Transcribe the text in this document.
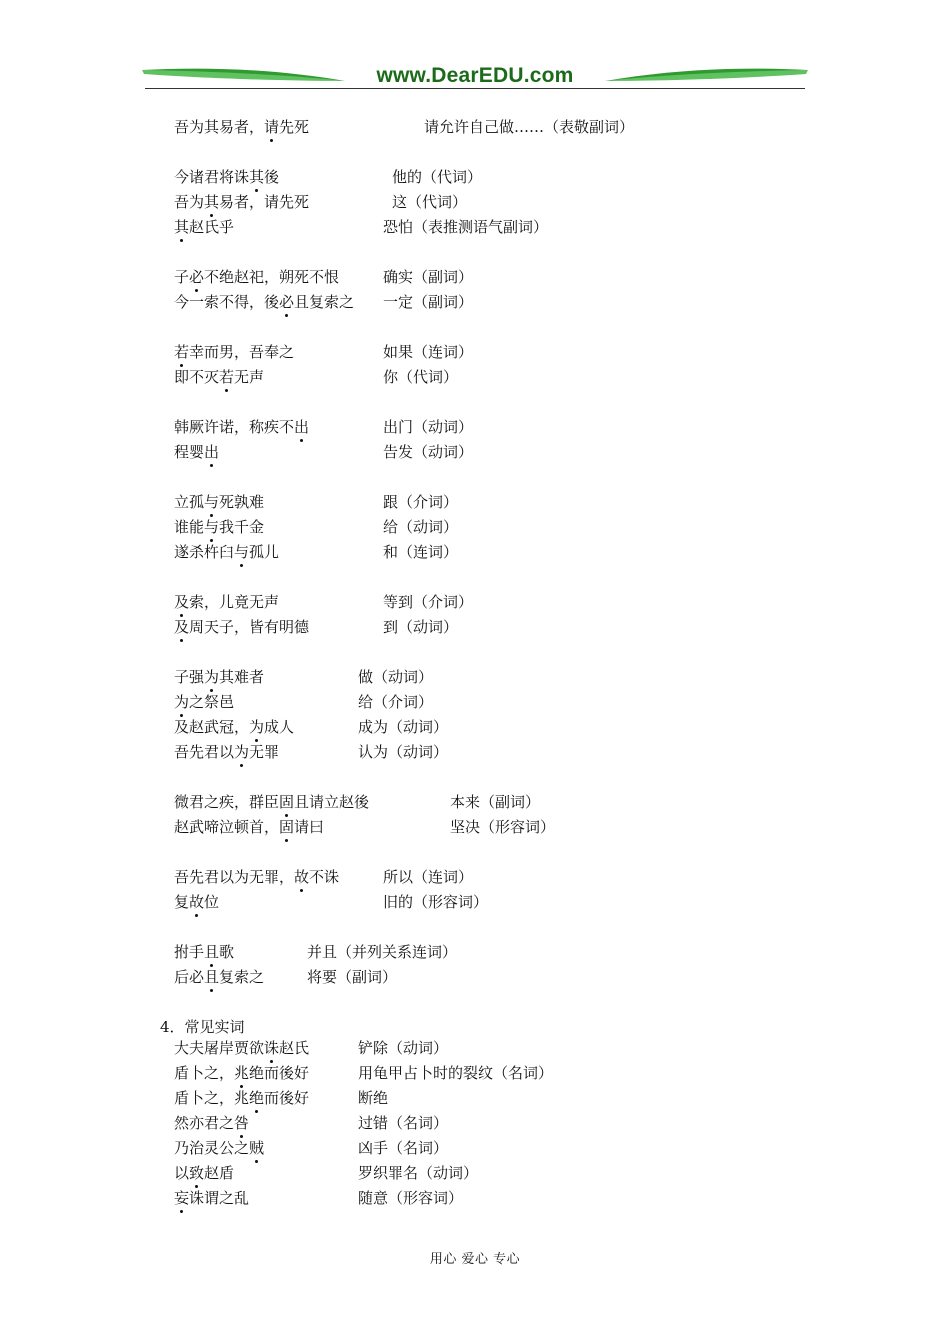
www.DearEDU.com
吾为其易者，请先死	请允许自己做……（表敬副词）
今诸君将诛其後	他的（代词）
吾为其易者，请先死	这（代词）
其赵氏乎	恐怕（表推测语气副词）
子必不绝赵祀，朔死不恨	确实（副词）
今一索不得，後必且复索之 一定（副词）
若幸而男，吾奉之	如果（连词）
即不灭若无声	你（代词）
韩厥许诺，称疾不出	出门（动词）
程婴出	告发（动词）
立孤与死孰难	跟（介词）
谁能与我千金	给（动词）
遂杀杵臼与孤儿	和（连词）
及索，儿竟无声	等到（介词）
及周天子，皆有明德	到（动词）
子强为其难者	做（动词）
为之祭邑	给（介词）
及赵武冠，为成人	成为（动词）
吾先君以为无罪	认为（动词）
微君之疾，群臣固且请立赵後	本来（副词）
赵武啼泣顿首，固请曰	坚决（形容词）
吾先君以为无罪，故不诛	所以（连词）
复故位	旧的（形容词）
拊手且歌	并且（并列关系连词）
后必且复索之	将要（副词）
4．常见实词
大夫屠岸贾欲诛赵氏	铲除（动词）
盾卜之，兆绝而後好	用龟甲占卜时的裂纹（名词）
盾卜之，兆绝而後好	断绝
然亦君之咎	过错（名词）
乃治灵公之贼	凶手（名词）
以致赵盾	罗织罪名（动词）
妄诛谓之乱	随意（形容词）
用心 爱心 专心
